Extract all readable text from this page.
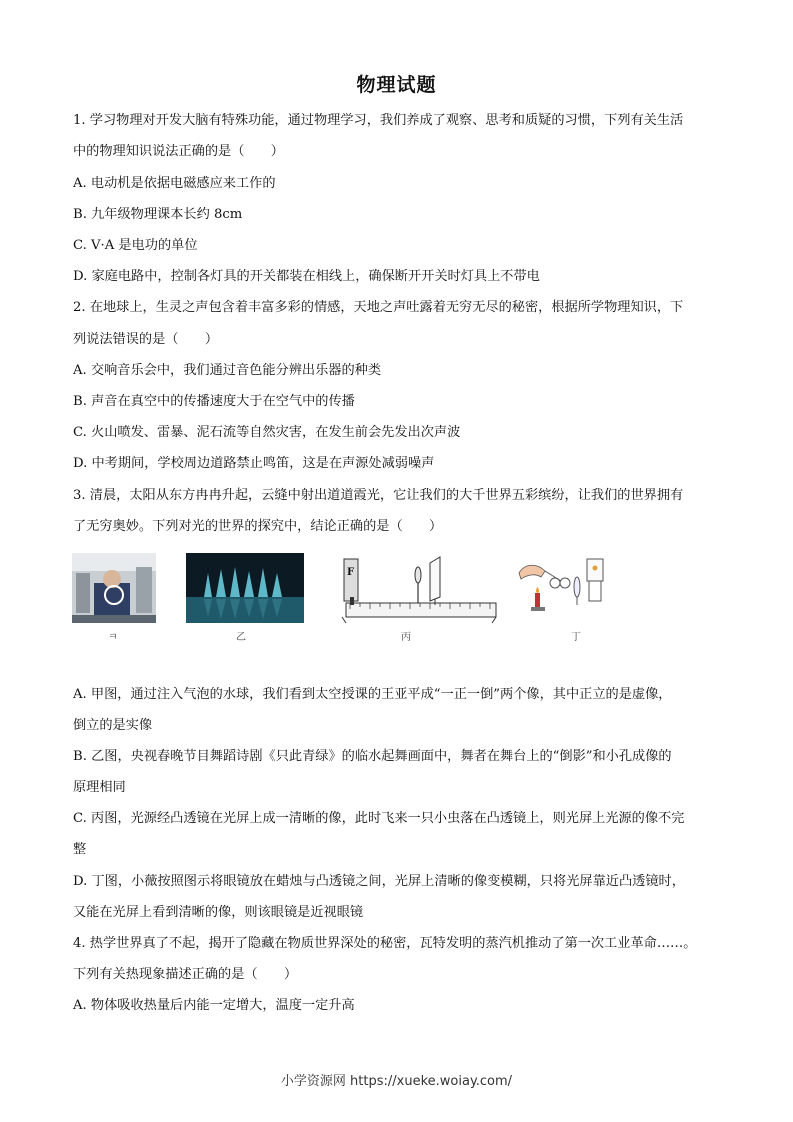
物理试题
1. 学习物理对开发大脑有特殊功能，通过物理学习，我们养成了观察、思考和质疑的习惯，下列有关生活
中的物理知识说法正确的是（　　）
A. 电动机是依据电磁感应来工作的
B. 九年级物理课本长约 8cm
C. V·A 是电功的单位
D. 家庭电路中，控制各灯具的开关都装在相线上，确保断开开关时灯具上不带电
2. 在地球上，生灵之声包含着丰富多彩的情感，天地之声吐露着无穷无尽的秘密，根据所学物理知识，下
列说法错误的是（　　）
A. 交响音乐会中，我们通过音色能分辨出乐器的种类
B. 声音在真空中的传播速度大于在空气中的传播
C. 火山喷发、雷暴、泥石流等自然灾害，在发生前会先发出次声波
D. 中考期间，学校周边道路禁止鸣笛，这是在声源处减弱噪声
3. 清晨，太阳从东方冉冉升起，云缝中射出道道霞光，它让我们的大千世界五彩缤纷，让我们的世界拥有
了无穷奥妙。下列对光的世界的探究中，结论正确的是（　　）
ㅋ	乙
F
丙	丁
A. 甲图，通过注入气泡的水球，我们看到太空授课的王亚平成“一正一倒”两个像，其中正立的是虚像，
倒立的是实像
B. 乙图，央视春晚节目舞蹈诗剧《只此青绿》的临水起舞画面中，舞者在舞台上的“倒影”和小孔成像的
原理相同
C. 丙图，光源经凸透镜在光屏上成一清晰的像，此时飞来一只小虫落在凸透镜上，则光屏上光源的像不完
整
D. 丁图，小薇按照图示将眼镜放在蜡烛与凸透镜之间，光屏上清晰的像变模糊，只将光屏靠近凸透镜时，
又能在光屏上看到清晰的像，则该眼镜是近视眼镜
4. 热学世界真了不起，揭开了隐藏在物质世界深处的秘密，瓦特发明的蒸汽机推动了第一次工业革命……。
下列有关热现象描述正确的是（　　）
A. 物体吸收热量后内能一定增大，温度一定升高
小学资源网 https://xueke.woiay.com/
